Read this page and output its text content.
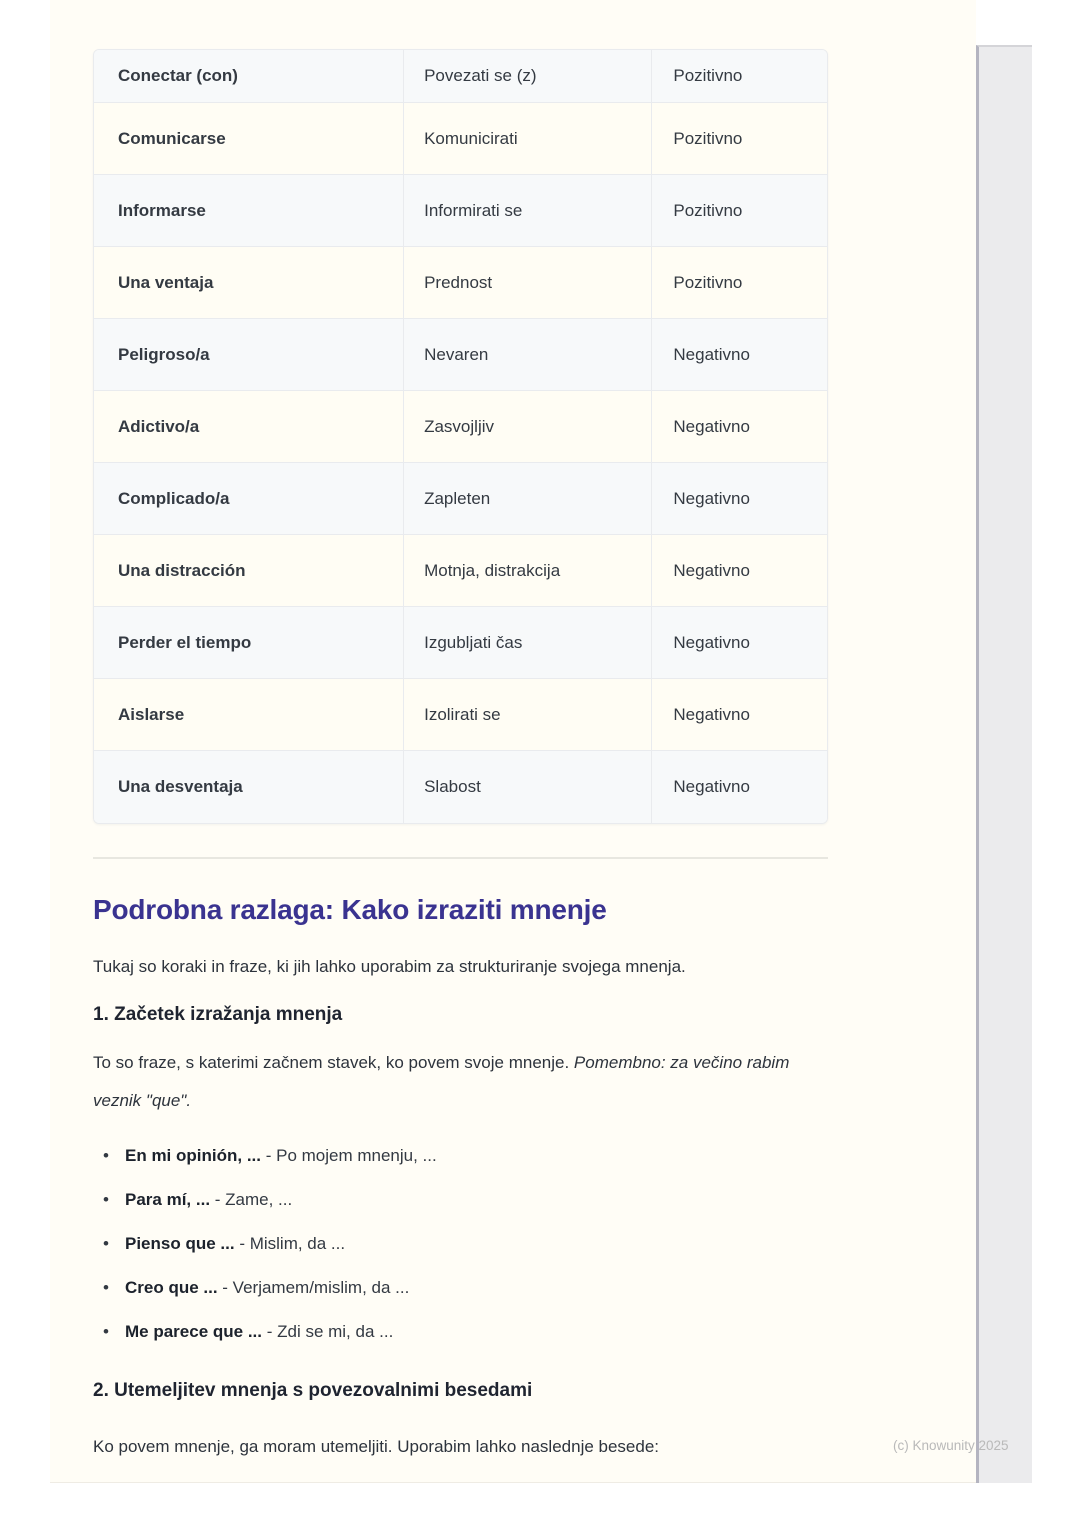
Conectar (con)	Povezati se (z)	Pozitivno
Comunicarse	Komunicirati	Pozitivno
Informarse	Informirati se	Pozitivno
Una ventaja	Prednost	Pozitivno
Peligroso/a	Nevaren	Negativno
Adictivo/a	Zasvojljiv	Negativno
Complicado/a	Zapleten	Negativno
Una distracción	Motnja, distrakcija	Negativno
Perder el tiempo	Izgubljati čas	Negativno
Aislarse	Izolirati se	Negativno
Una desventaja	Slabost	Negativno
Podrobna razlaga: Kako izraziti mnenje

Tukaj so koraki in fraze, ki jih lahko uporabim za strukturiranje svojega mnenja.

1. Začetek izražanja mnenja

To so fraze, s katerimi začnem stavek, ko povem svoje mnenje. Pomembno: za večino rabim veznik "que".

• En mi opinión, ... - Po mojem mnenju, ...
• Para mí, ... - Zame, ...
• Pienso que ... - Mislim, da ...
• Creo que ... - Verjamem/mislim, da ...
• Me parece que ... - Zdi se mi, da ...
2. Utemeljitev mnenja s povezovalnimi besedami

Ko povem mnenje, ga moram utemeljiti. Uporabim lahko naslednje besede:	(c) Knowunity 2025
